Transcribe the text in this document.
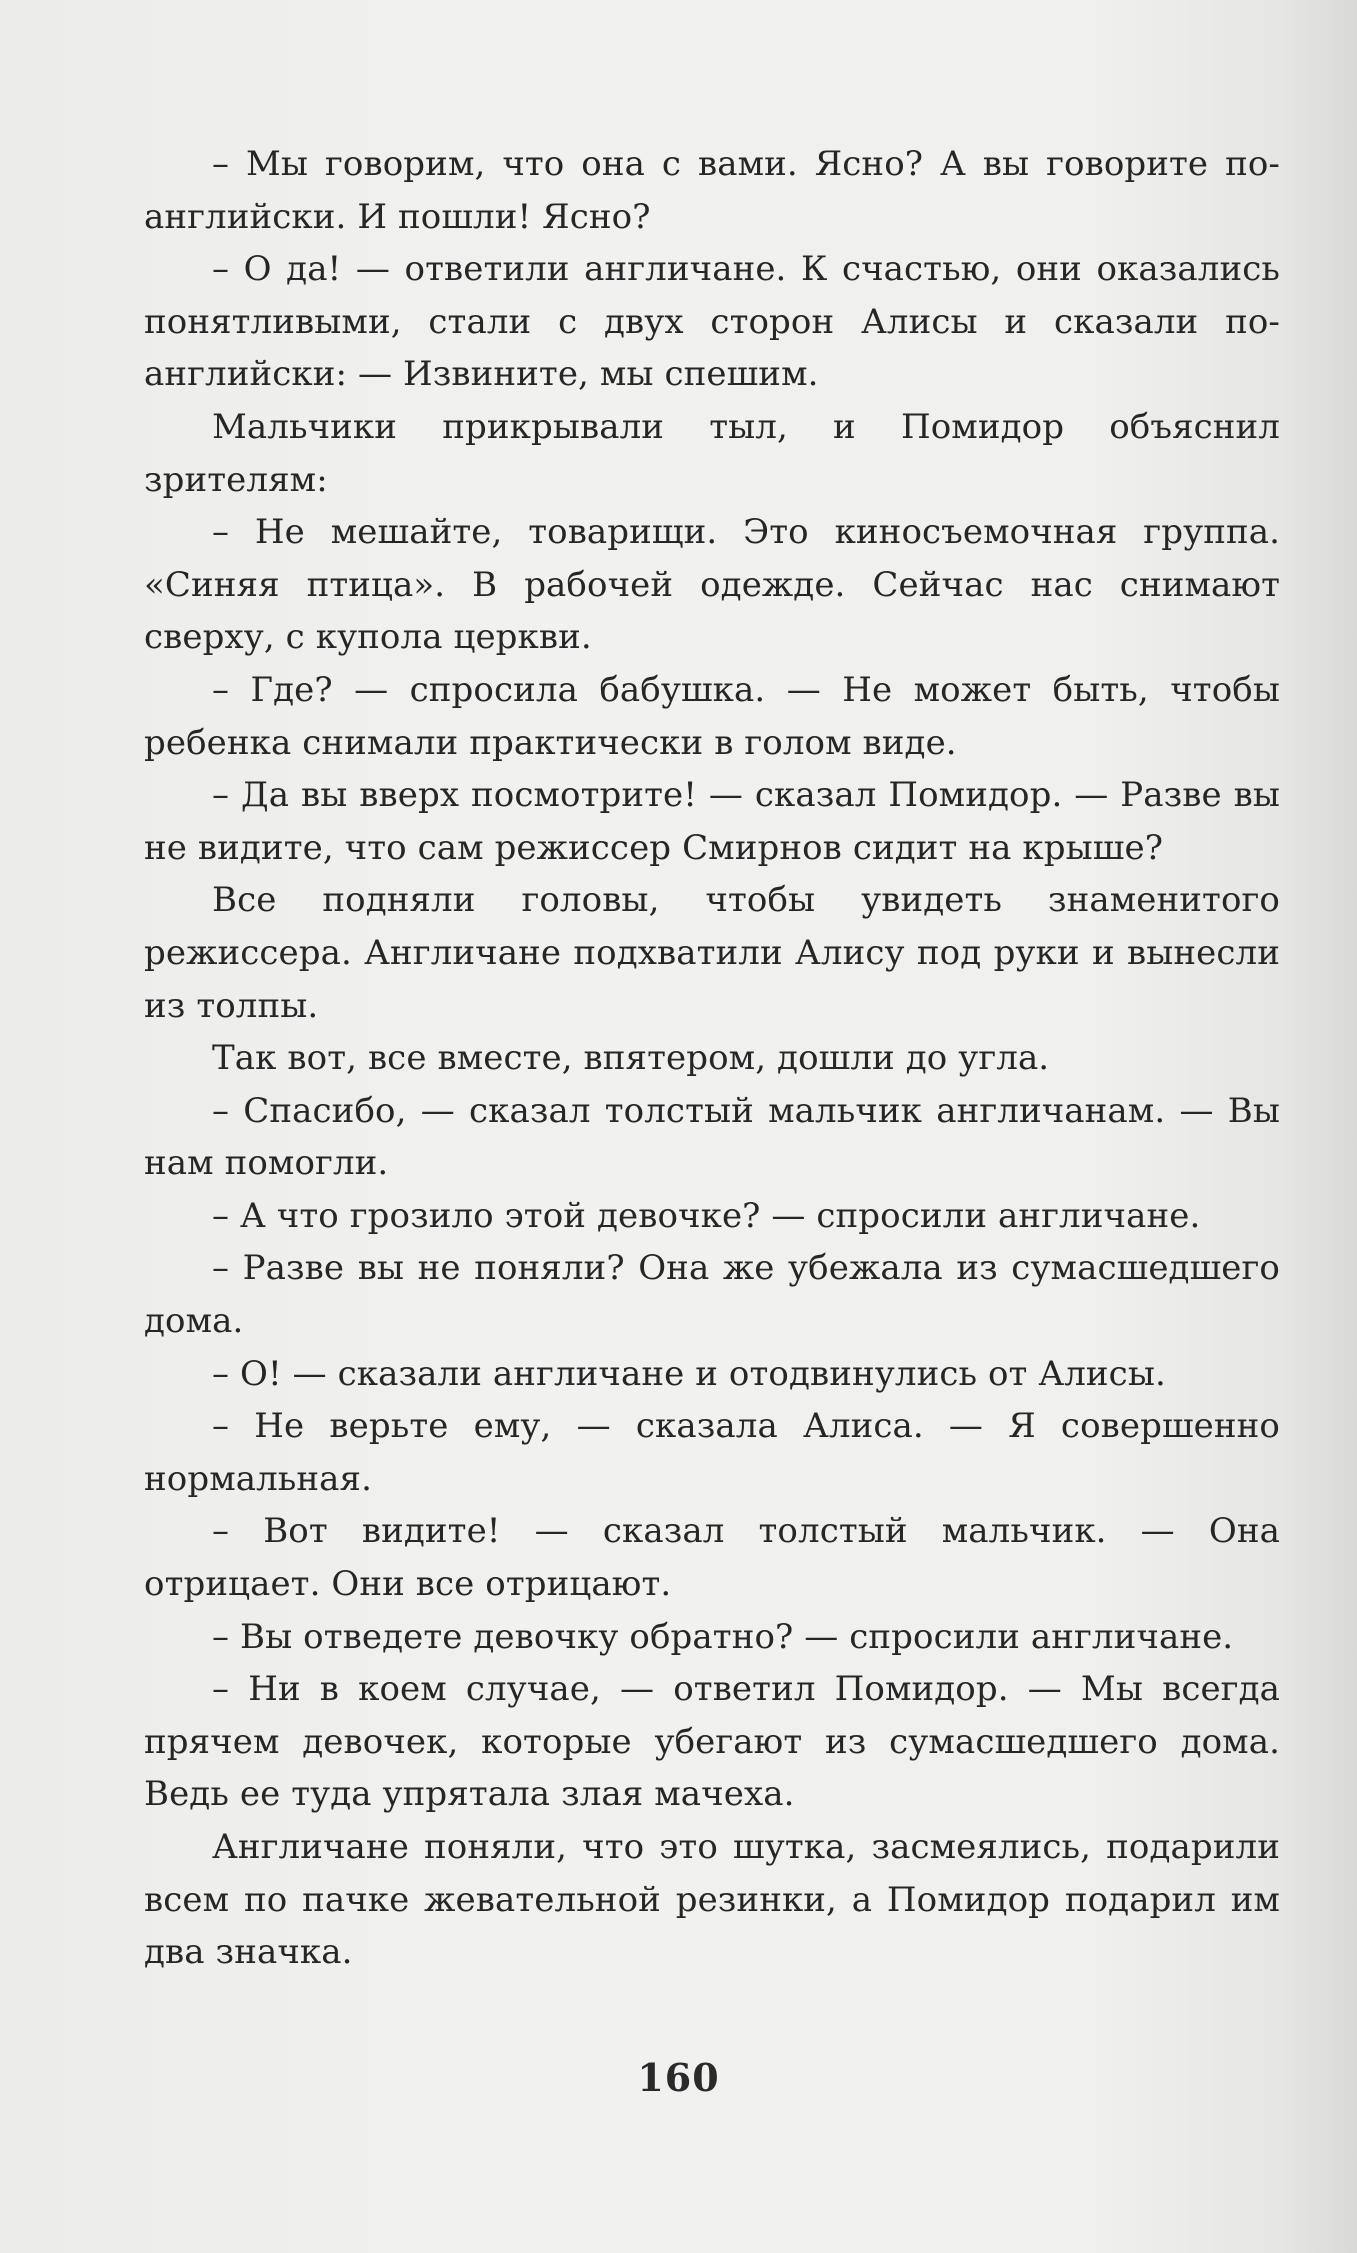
– Мы говорим, что она с вами. Ясно? А вы говорите по-английски. И пошли! Ясно?

– О да! — ответили англичане. К счастью, они оказались понятливыми, стали с двух сторон Алисы и сказали по-английски: — Извините, мы спешим.

Мальчики прикрывали тыл, и Помидор объяснил зрителям:

– Не мешайте, товарищи. Это киносъемочная группа. «Синяя птица». В рабочей одежде. Сейчас нас снимают сверху, с купола церкви.

– Где? — спросила бабушка. — Не может быть, чтобы ребенка снимали практически в голом виде.

– Да вы вверх посмотрите! — сказал Помидор. — Разве вы не видите, что сам режиссер Смирнов сидит на крыше?

Все подняли головы, чтобы увидеть знаменитого режиссера. Англичане подхватили Алису под руки и вынесли из толпы.

Так вот, все вместе, впятером, дошли до угла.

– Спасибо, — сказал толстый мальчик англичанам. — Вы нам помогли.

– А что грозило этой девочке? — спросили англичане.

– Разве вы не поняли? Она же убежала из сумасшедшего дома.

– О! — сказали англичане и отодвинулись от Алисы.

– Не верьте ему, — сказала Алиса. — Я совершенно нормальная.

– Вот видите! — сказал толстый мальчик. — Она отрицает. Они все отрицают.

– Вы отведете девочку обратно? — спросили англичане.

– Ни в коем случае, — ответил Помидор. — Мы всегда прячем девочек, которые убегают из сумасшедшего дома. Ведь ее туда упрятала злая мачеха.

Англичане поняли, что это шутка, засмеялись, подарили всем по пачке жевательной резинки, а Помидор подарил им два значка.

160
